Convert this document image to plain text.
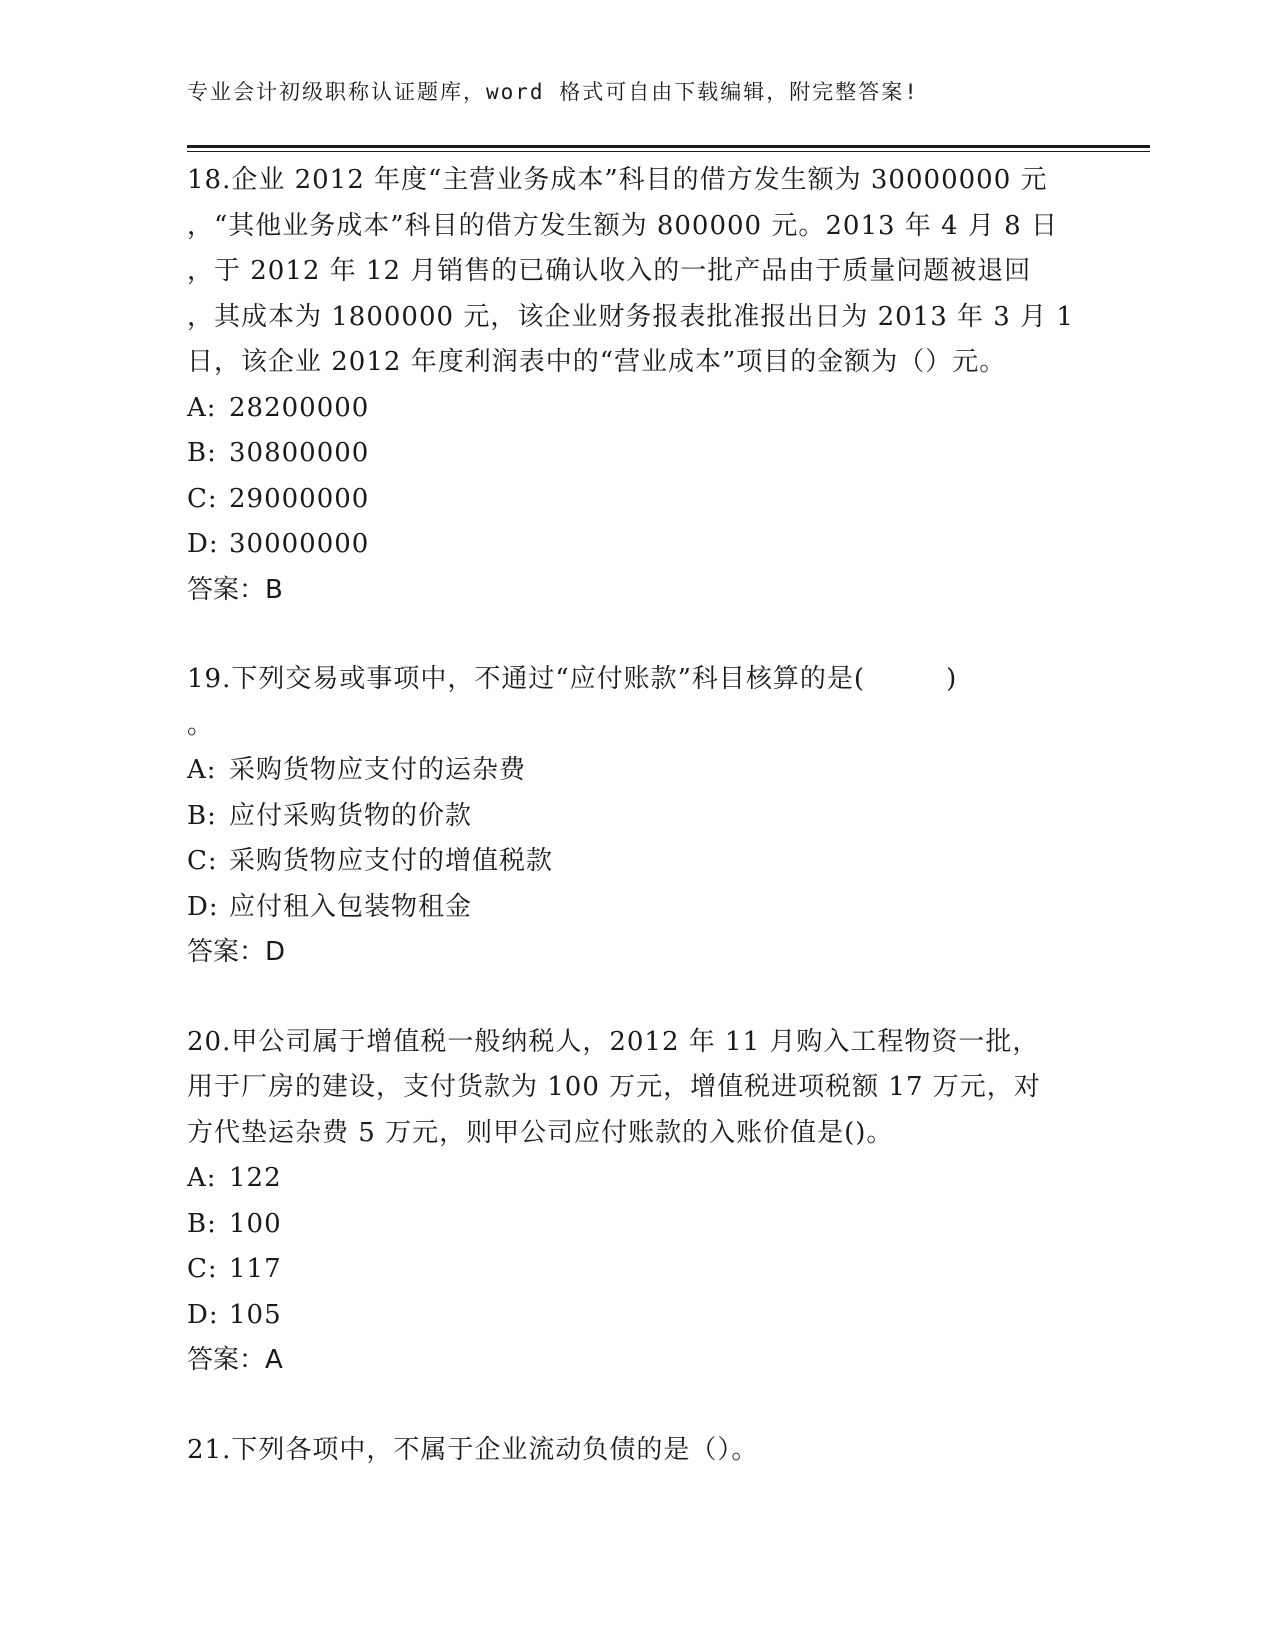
专业会计初级职称认证题库，word 格式可自由下载编辑，附完整答案!
18.企业 2012 年度“主营业务成本”科目的借方发生额为 30000000 元
，“其他业务成本”科目的借方发生额为 800000 元。2013 年 4 月 8 日
，于 2012 年 12 月销售的已确认收入的一批产品由于质量问题被退回
，其成本为 1800000 元，该企业财务报表批准报出日为 2013 年 3 月 1
日，该企业 2012 年度利润表中的“营业成本”项目的金额为（）元。
A: 28200000
B: 30800000
C: 29000000
D: 30000000
答案：B
19.下列交易或事项中，不通过“应付账款”科目核算的是(　　　)
。
A: 采购货物应支付的运杂费
B: 应付采购货物的价款
C: 采购货物应支付的增值税款
D: 应付租入包装物租金
答案：D
20.甲公司属于增值税一般纳税人，2012 年 11 月购入工程物资一批，
用于厂房的建设，支付货款为 100 万元，增值税进项税额 17 万元，对
方代垫运杂费 5 万元，则甲公司应付账款的入账价值是()。
A: 122
B: 100
C: 117
D: 105
答案：A
21.下列各项中，不属于企业流动负债的是（）。
